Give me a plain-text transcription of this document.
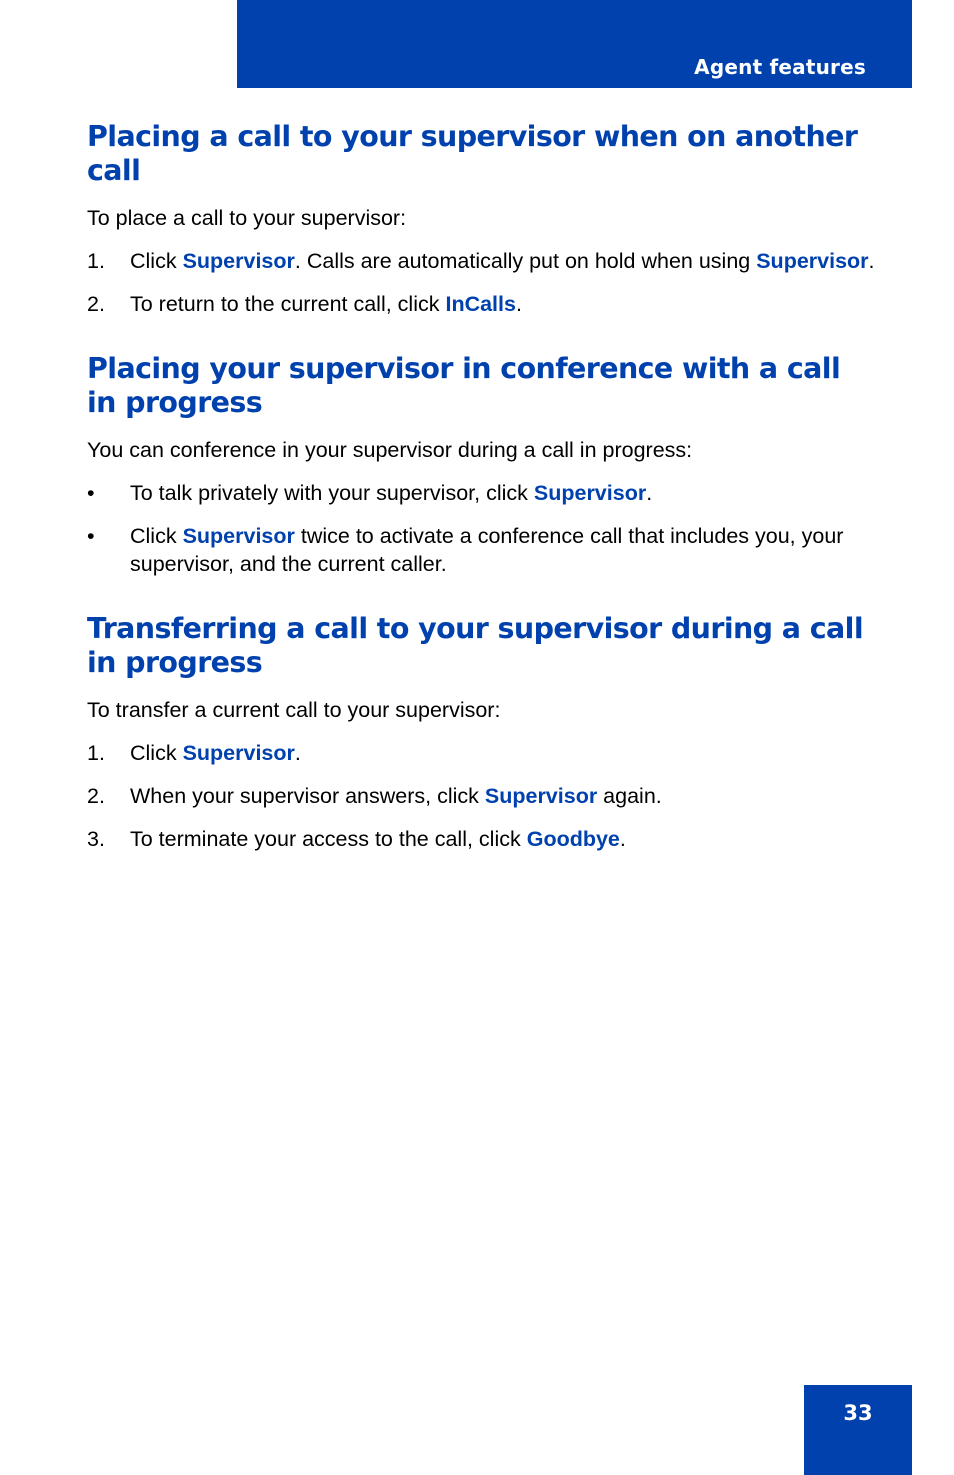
Agent features
Placing a call to your supervisor when on another call

To place a call to your supervisor:

1. Click Supervisor. Calls are automatically put on hold when using Supervisor.
2. To return to the current call, click InCalls.
Placing your supervisor in conference with a call in progress

You can conference in your supervisor during a call in progress:

• To talk privately with your supervisor, click Supervisor.
• Click Supervisor twice to activate a conference call that includes you, your supervisor, and the current caller.
Transferring a call to your supervisor during a call in progress

To transfer a current call to your supervisor:

1. Click Supervisor.
2. When your supervisor answers, click Supervisor again.
3. To terminate your access to the call, click Goodbye.
33
